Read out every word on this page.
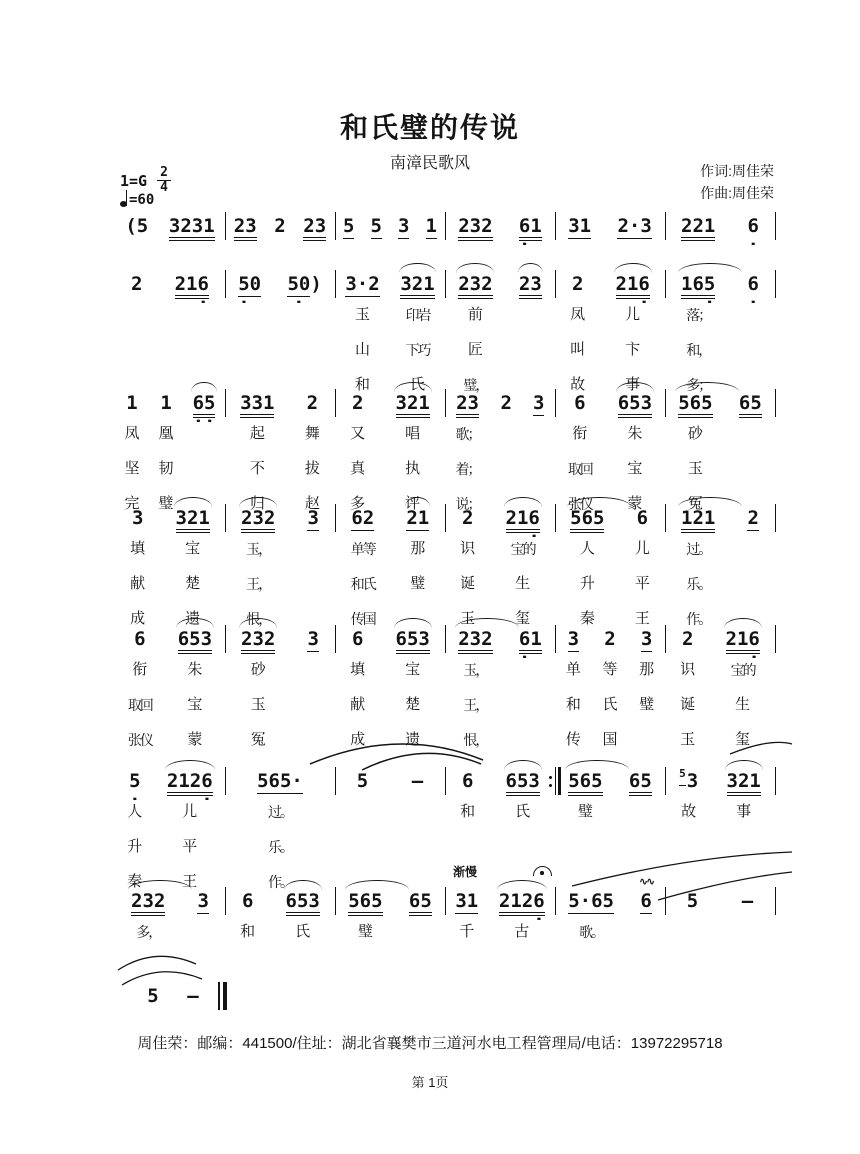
和氏璧的传说
南漳民歌风
$1=G \frac{2}{4}$
=60
作词:周佳荣
作曲:周佳荣
( 5
3231
23
2
23
5
5
3
1
232
61 31
2·3
221
6
2
216 50 50 ) 3·2

玉
山
和
321

印岩
下巧
氏
232

前
匠
璧，
23
2

凤
叫
故
216
儿
卞
事
165
落；
和，
多；
6
1

凤
坚
完
1

凰
韧
璧
65 331

起
不
归
2

舞
拔
赵
2

又
真
多
321

唱
执
评
23

歌；
着；
说；
2
3
6

衔
取回
张仪
653

朱
宝
蒙
565

砂
玉
冤
65

3

填
献
成
321

宝
楚
遗
232

玉，
王，
恨，
3
62

单等
和氏
传国
21

那
璧
2

识
诞
玉
216
宝的
生
玺
565

人
升
秦
6

儿
平
王
121

过。
乐。
作。
2

6

衔
取回
张仪
653

朱
宝
蒙
232

砂
玉
冤
3
6

填
献
成
653

宝
楚
遗
232

玉，
王，
恨，
61 3

单
和
传
2

等
氏
国
3

那
璧
2

识
诞
玉
216
宝的
生
玺
5
人
升
秦
2126
儿
平
王
565·

过。
乐。
作。
5
–
6

和
653

氏
565

璧
65
5 3

故
321

事
232

多，
3
6

和
653

氏
565

璧
65
31

千
2126
古
5·65

歌。
∿∿
6
5
–

渐慢
5
–

周佳荣：邮编：441500/住址：湖北省襄樊市三道河水电工程管理局/电话：13972295718
第 1页
